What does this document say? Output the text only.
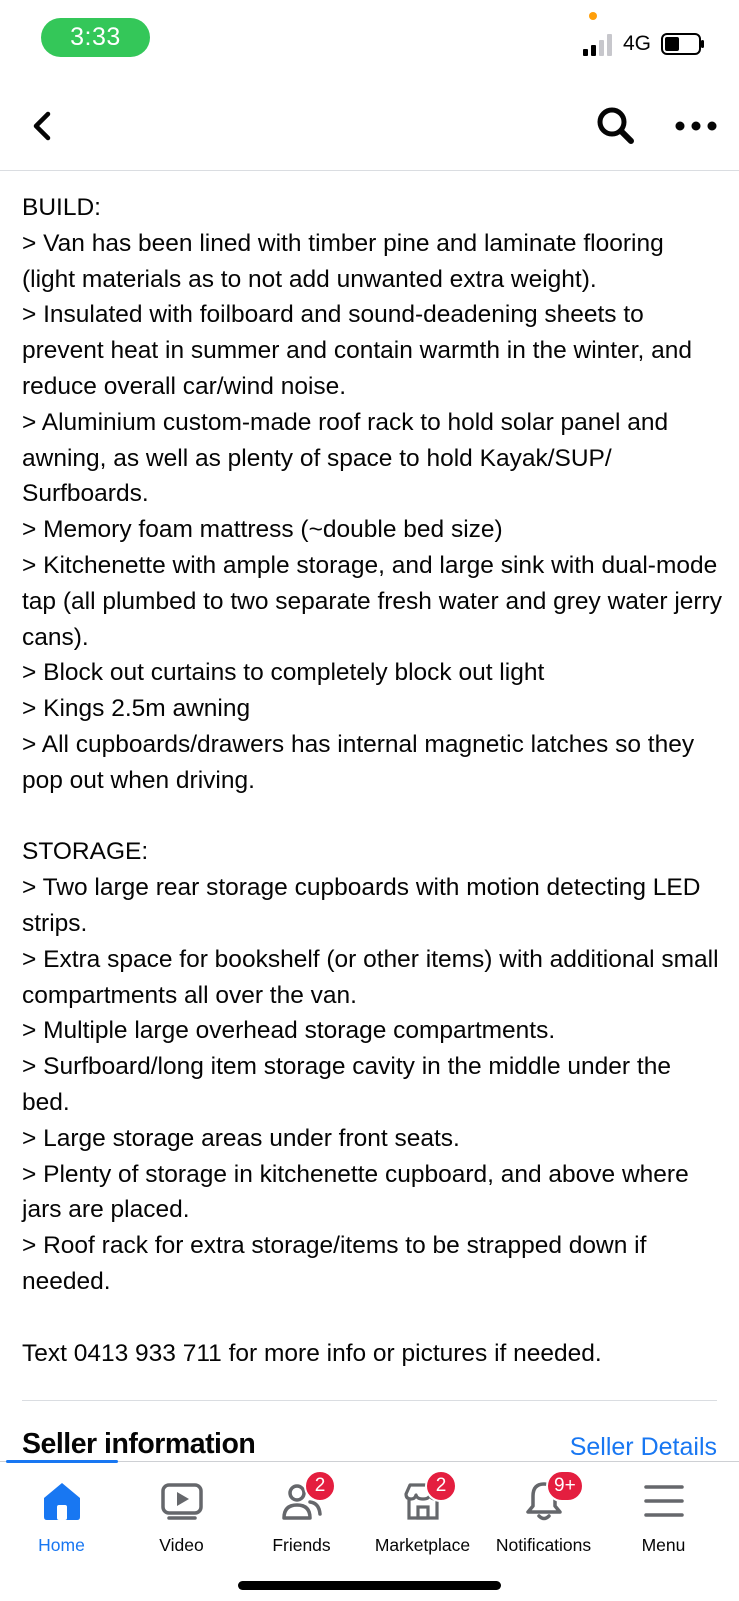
3:33	4G

BUILD:
> Van has been lined with timber pine and laminate flooring (light materials as to not add unwanted extra weight).
> Insulated with foilboard and sound-deadening sheets to prevent heat in summer and contain warmth in the winter, and reduce overall car/wind noise.
> Aluminium custom-made roof rack to hold solar panel and awning, as well as plenty of space to hold Kayak/SUP/ Surfboards.
> Memory foam mattress (~double bed size)
> Kitchenette with ample storage, and large sink with dual-mode tap (all plumbed to two separate fresh water and grey water jerry cans).
> Block out curtains to completely block out light
> Kings 2.5m awning
> All cupboards/drawers has internal magnetic latches so they pop out when driving.

STORAGE:
> Two large rear storage cupboards with motion detecting LED strips.
> Extra space for bookshelf (or other items) with additional small compartments all over the van.
> Multiple large overhead storage compartments.
> Surfboard/long item storage cavity in the middle under the bed.
> Large storage areas under front seats.
> Plenty of storage in kitchenette cupboard, and above where jars are placed.
> Roof rack for extra storage/items to be strapped down if needed.

Text 0413 933 711 for more info or pictures if needed.

Seller information	Seller Details
Home	Video
2
Friends
2
Marketplace
9+
Notifications	Menu
